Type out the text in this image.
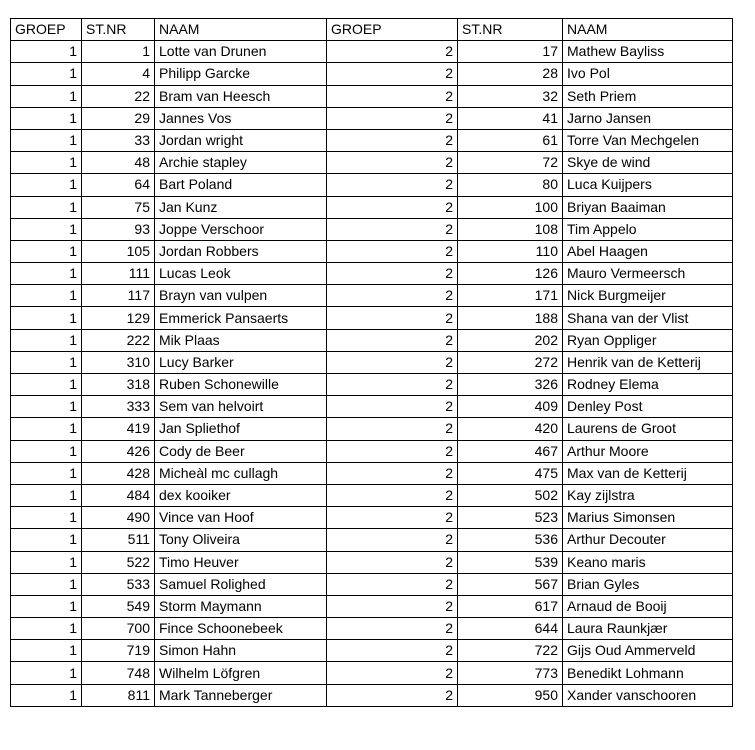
GROEP	ST.NR	NAAM	GROEP	ST.NR	NAAM
1	1	Lotte van Drunen	2	17	Mathew Bayliss
1	4	Philipp Garcke	2	28	Ivo Pol
1	22	Bram van Heesch	2	32	Seth Priem
1	29	Jannes Vos	2	41	Jarno Jansen
1	33	Jordan wright	2	61	Torre Van Mechgelen
1	48	Archie stapley	2	72	Skye de wind
1	64	Bart Poland	2	80	Luca Kuijpers
1	75	Jan Kunz	2	100	Briyan Baaiman
1	93	Joppe Verschoor	2	108	Tim Appelo
1	105	Jordan Robbers	2	110	Abel Haagen
1	111	Lucas Leok	2	126	Mauro Vermeersch
1	117	Brayn van vulpen	2	171	Nick Burgmeijer
1	129	Emmerick Pansaerts	2	188	Shana van der Vlist
1	222	Mik Plaas	2	202	Ryan Oppliger
1	310	Lucy Barker	2	272	Henrik van de Ketterij
1	318	Ruben Schonewille	2	326	Rodney Elema
1	333	Sem van helvoirt	2	409	Denley Post
1	419	Jan Spliethof	2	420	Laurens de Groot
1	426	Cody de Beer	2	467	Arthur Moore
1	428	Micheàl mc cullagh	2	475	Max van de Ketterij
1	484	dex kooiker	2	502	Kay zijlstra
1	490	Vince van Hoof	2	523	Marius Simonsen
1	511	Tony Oliveira	2	536	Arthur Decouter
1	522	Timo Heuver	2	539	Keano maris
1	533	Samuel Rolighed	2	567	Brian Gyles
1	549	Storm Maymann	2	617	Arnaud de Booij
1	700	Fince Schoonebeek	2	644	Laura Raunkjær
1	719	Simon Hahn	2	722	Gijs Oud Ammerveld
1	748	Wilhelm Löfgren	2	773	Benedikt Lohmann
1	811	Mark Tanneberger	2	950	Xander vanschooren
